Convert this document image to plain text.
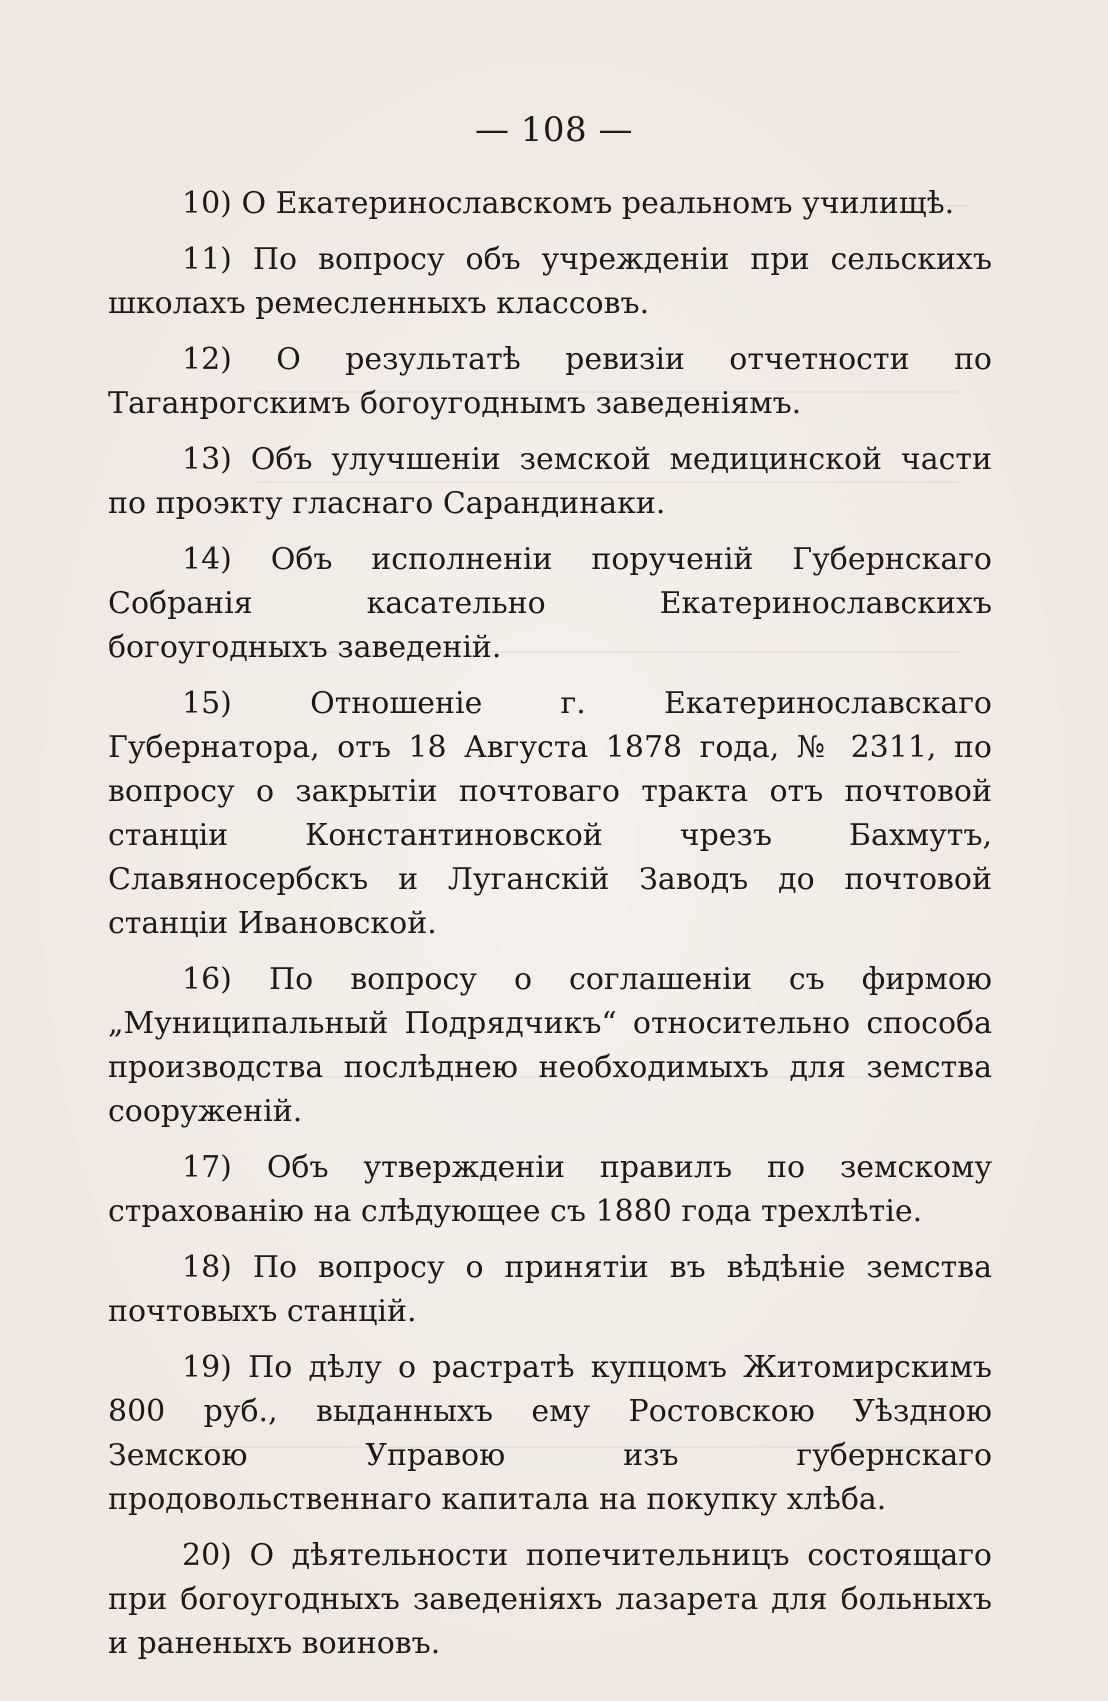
— 108 —

10) О Екатеринославскомъ реальномъ училищѣ.

11) По вопросу объ учрежденіи при сельскихъ школахъ ремесленныхъ классовъ.

12) О результатѣ ревизіи отчетности по Таганрогскимъ богоугоднымъ заведеніямъ.

13) Объ улучшеніи земской медицинской части по проэкту гласнаго Сарандинаки.

14) Объ исполненіи порученій Губернскаго Собранія касательно Екатеринославскихъ богоугодныхъ заведеній.

15)	Отношеніе г. Екатеринославскаго Губернатора, отъ 18 Августа 1878 года, № 2311, по вопросу о закрытіи почтоваго тракта отъ почтовой станціи Константиновской чрезъ Бахмутъ, Славяносербскъ и Луганскій Заводъ до почтовой станціи Ивановской.

16) По вопросу о соглашеніи съ фирмою „Муниципальный Подрядчикъ“ относительно способа производства послѣднею необходимыхъ для земства сооруженій.

17) Объ утвержденіи правилъ по земскому страхованію на слѣдующее съ 1880 года трехлѣтіе.

18) По вопросу о принятіи въ вѣдѣніе земства почтовыхъ станцій.

19) По дѣлу о растратѣ купцомъ Житомирскимъ 800 руб., выданныхъ ему Ростовскою Уѣздною Земскою Управою изъ губернскаго продовольственнаго капитала на покупку хлѣба.

20) О дѣятельности попечительницъ состоящаго при богоугодныхъ заведеніяхъ лазарета для больныхъ и раненыхъ воиновъ.
